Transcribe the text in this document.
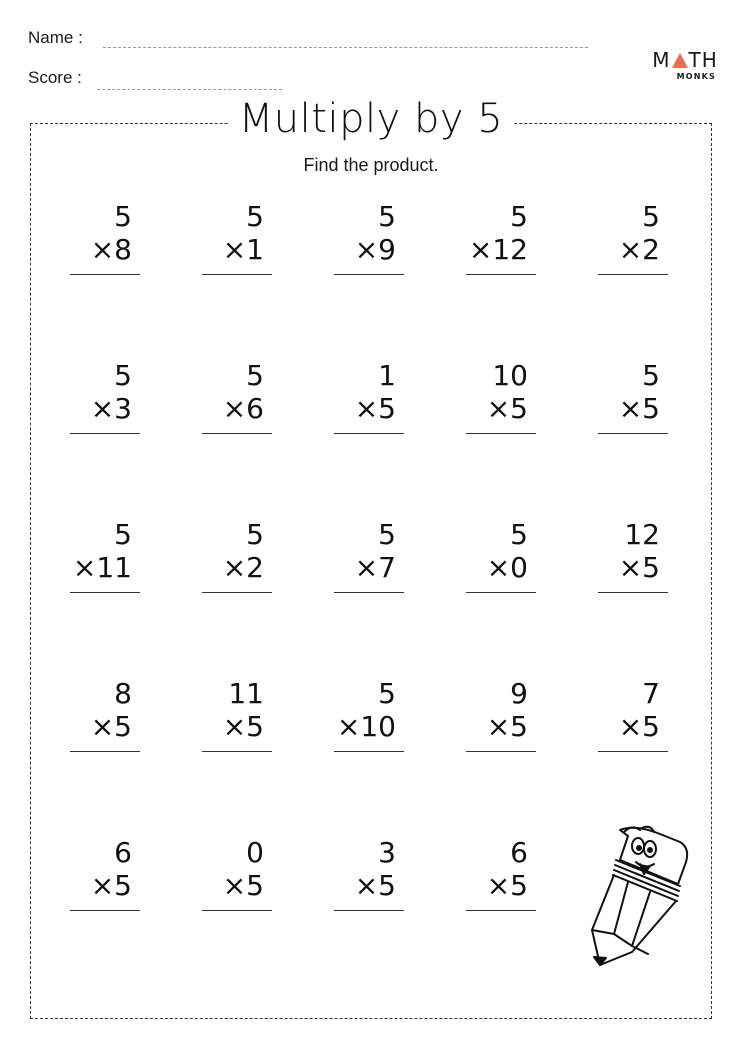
Name :
Score :
M TH
MONKS
Multiply by 5
Find the product.
5
×8
5
×1
5
×9
5
×12
5
×2
5
×3
5
×6
1
×5
10
×5
5
×5
5
×11
5
×2
5
×7
5
×0
12
×5
8
×5
11
×5
5
×10
9
×5
7
×5
6
×5
0
×5
3
×5
6
×5
